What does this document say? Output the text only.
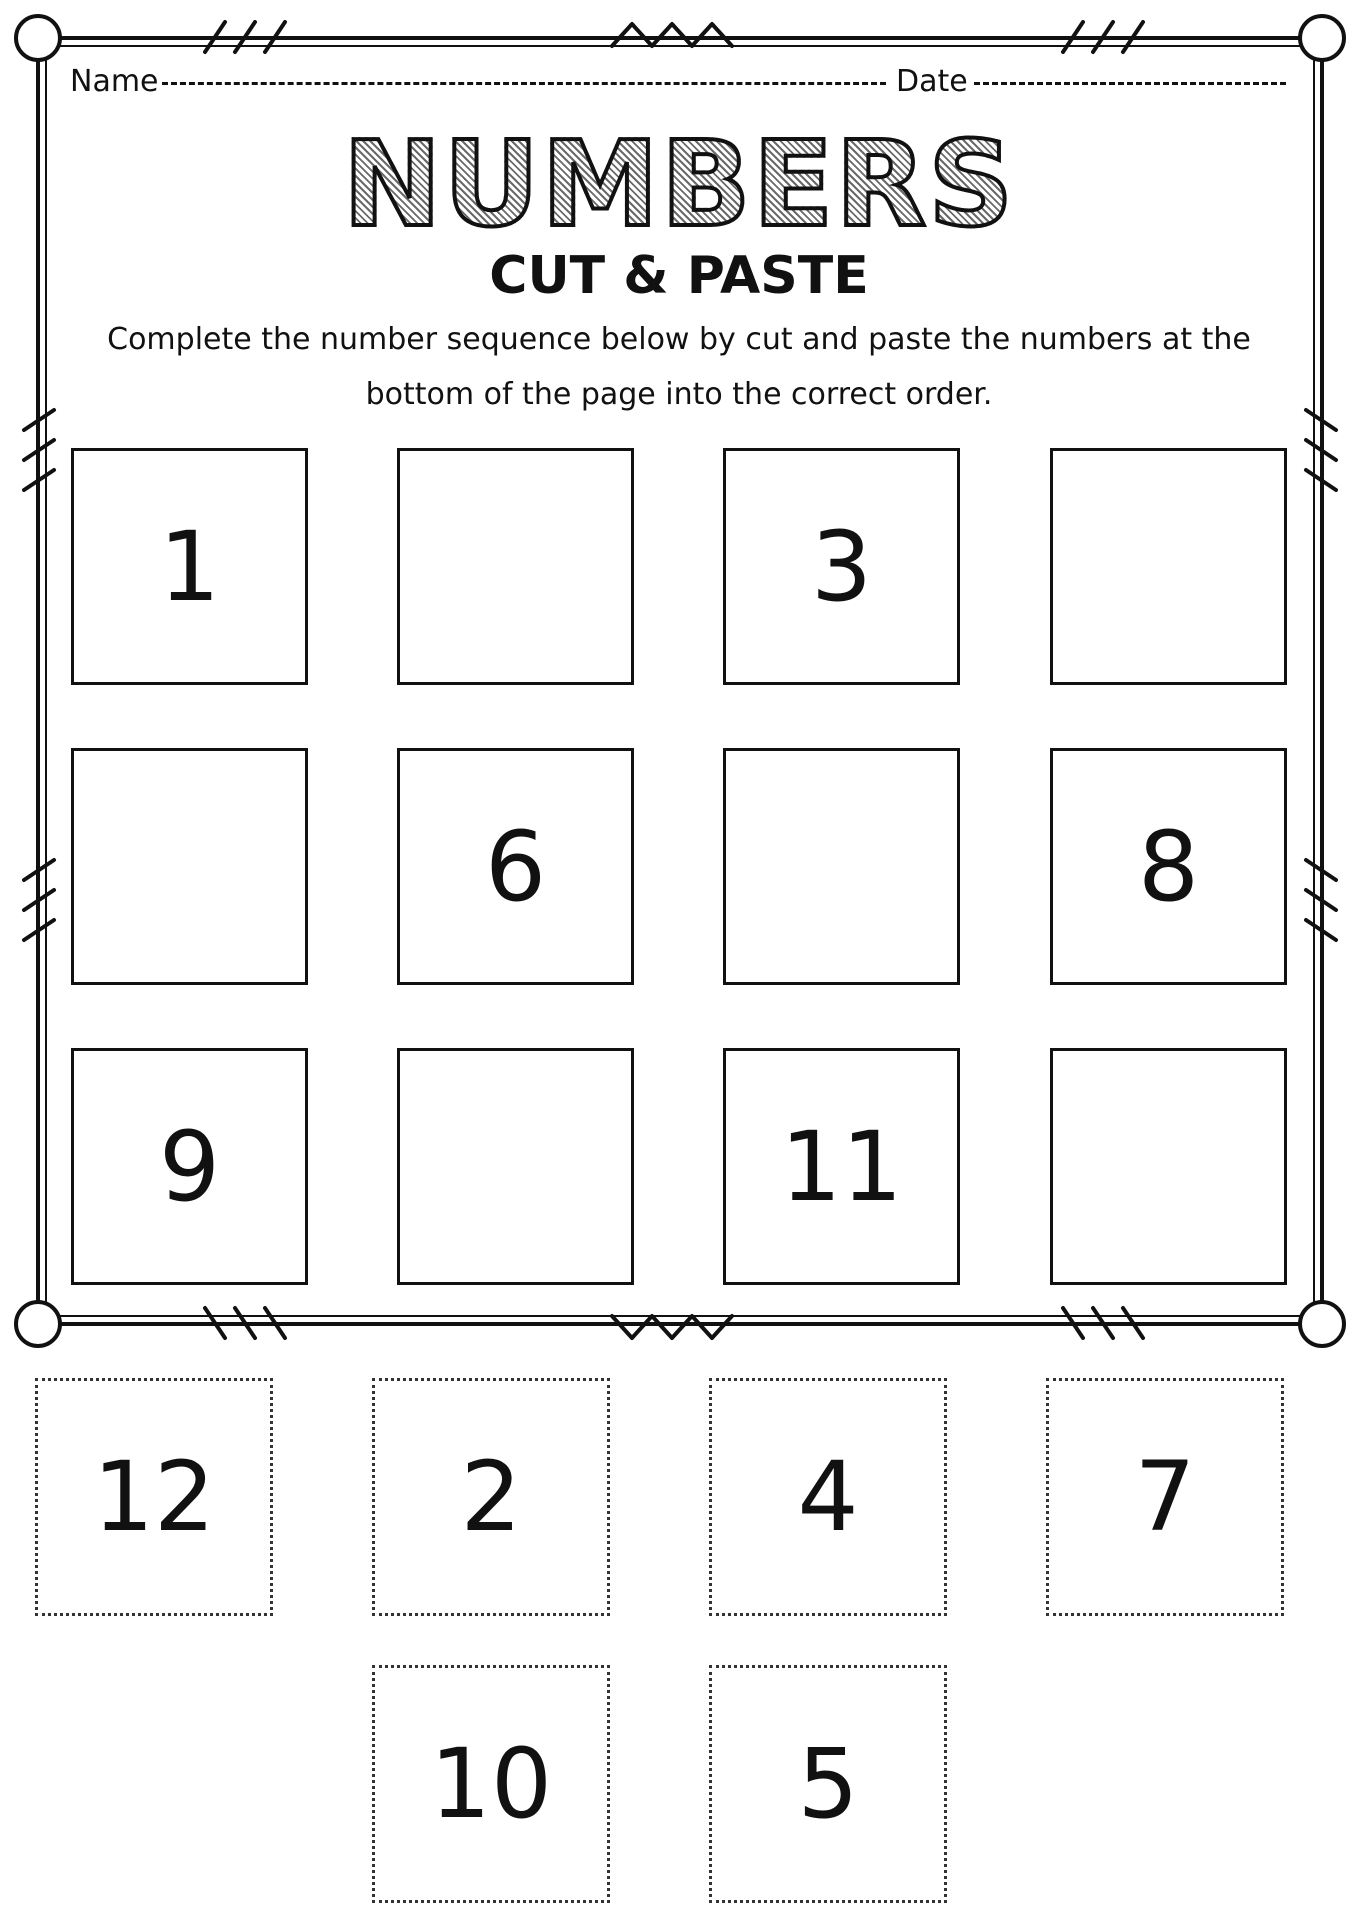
Name	Date
NUMBERS
CUT & PASTE
Complete the number sequence below by cut and paste the numbers at the bottom of the page into the correct order.
1	3
6	8
9	11
12	2	4	7
10	5
